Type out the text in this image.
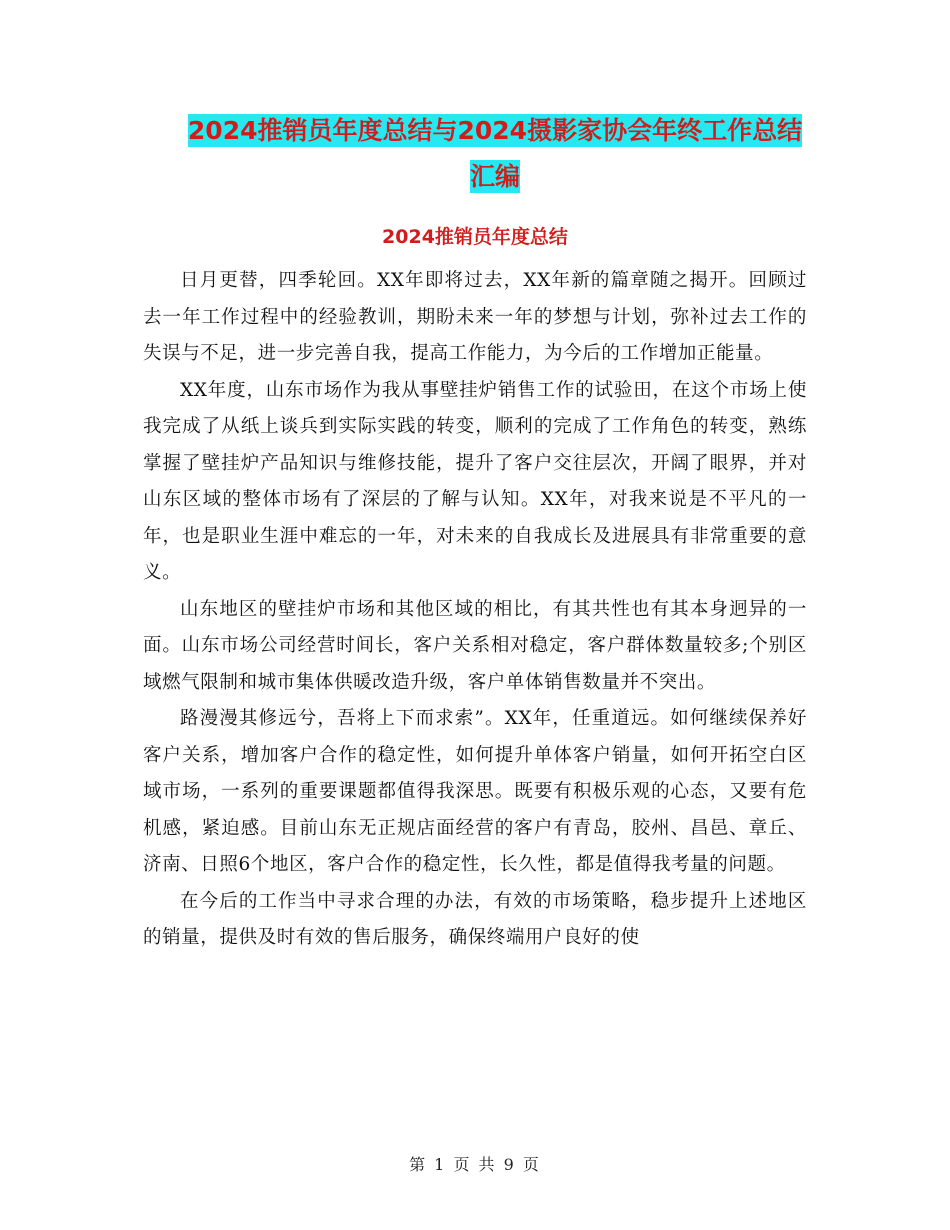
2024推销员年度总结与2024摄影家协会年终工作总结
汇编
2024推销员年度总结

日月更替，四季轮回。XX年即将过去，XX年新的篇章随之揭开。回顾过去一年工作过程中的经验教训，期盼未来一年的梦想与计划，弥补过去工作的失误与不足，进一步完善自我，提高工作能力，为今后的工作增加正能量。

XX年度，山东市场作为我从事壁挂炉销售工作的试验田，在这个市场上使我完成了从纸上谈兵到实际实践的转变，顺利的完成了工作角色的转变，熟练掌握了壁挂炉产品知识与维修技能，提升了客户交往层次，开阔了眼界，并对山东区域的整体市场有了深层的了解与认知。XX年，对我来说是不平凡的一年，也是职业生涯中难忘的一年，对未来的自我成长及进展具有非常重要的意义。

山东地区的壁挂炉市场和其他区域的相比，有其共性也有其本身迥异的一面。山东市场公司经营时间长，客户关系相对稳定，客户群体数量较多;个别区域燃气限制和城市集体供暖改造升级，客户单体销售数量并不突出。

路漫漫其修远兮，吾将上下而求索”。XX年，任重道远。如何继续保养好客户关系，增加客户合作的稳定性，如何提升单体客户销量，如何开拓空白区域市场，一系列的重要课题都值得我深思。既要有积极乐观的心态，又要有危机感，紧迫感。目前山东无正规店面经营的客户有青岛，胶州、昌邑、章丘、济南、日照6个地区，客户合作的稳定性，长久性，都是值得我考量的问题。

在今后的工作当中寻求合理的办法，有效的市场策略，稳步提升上述地区的销量，提供及时有效的售后服务，确保终端用户良好的使

第 1 页 共 9 页
